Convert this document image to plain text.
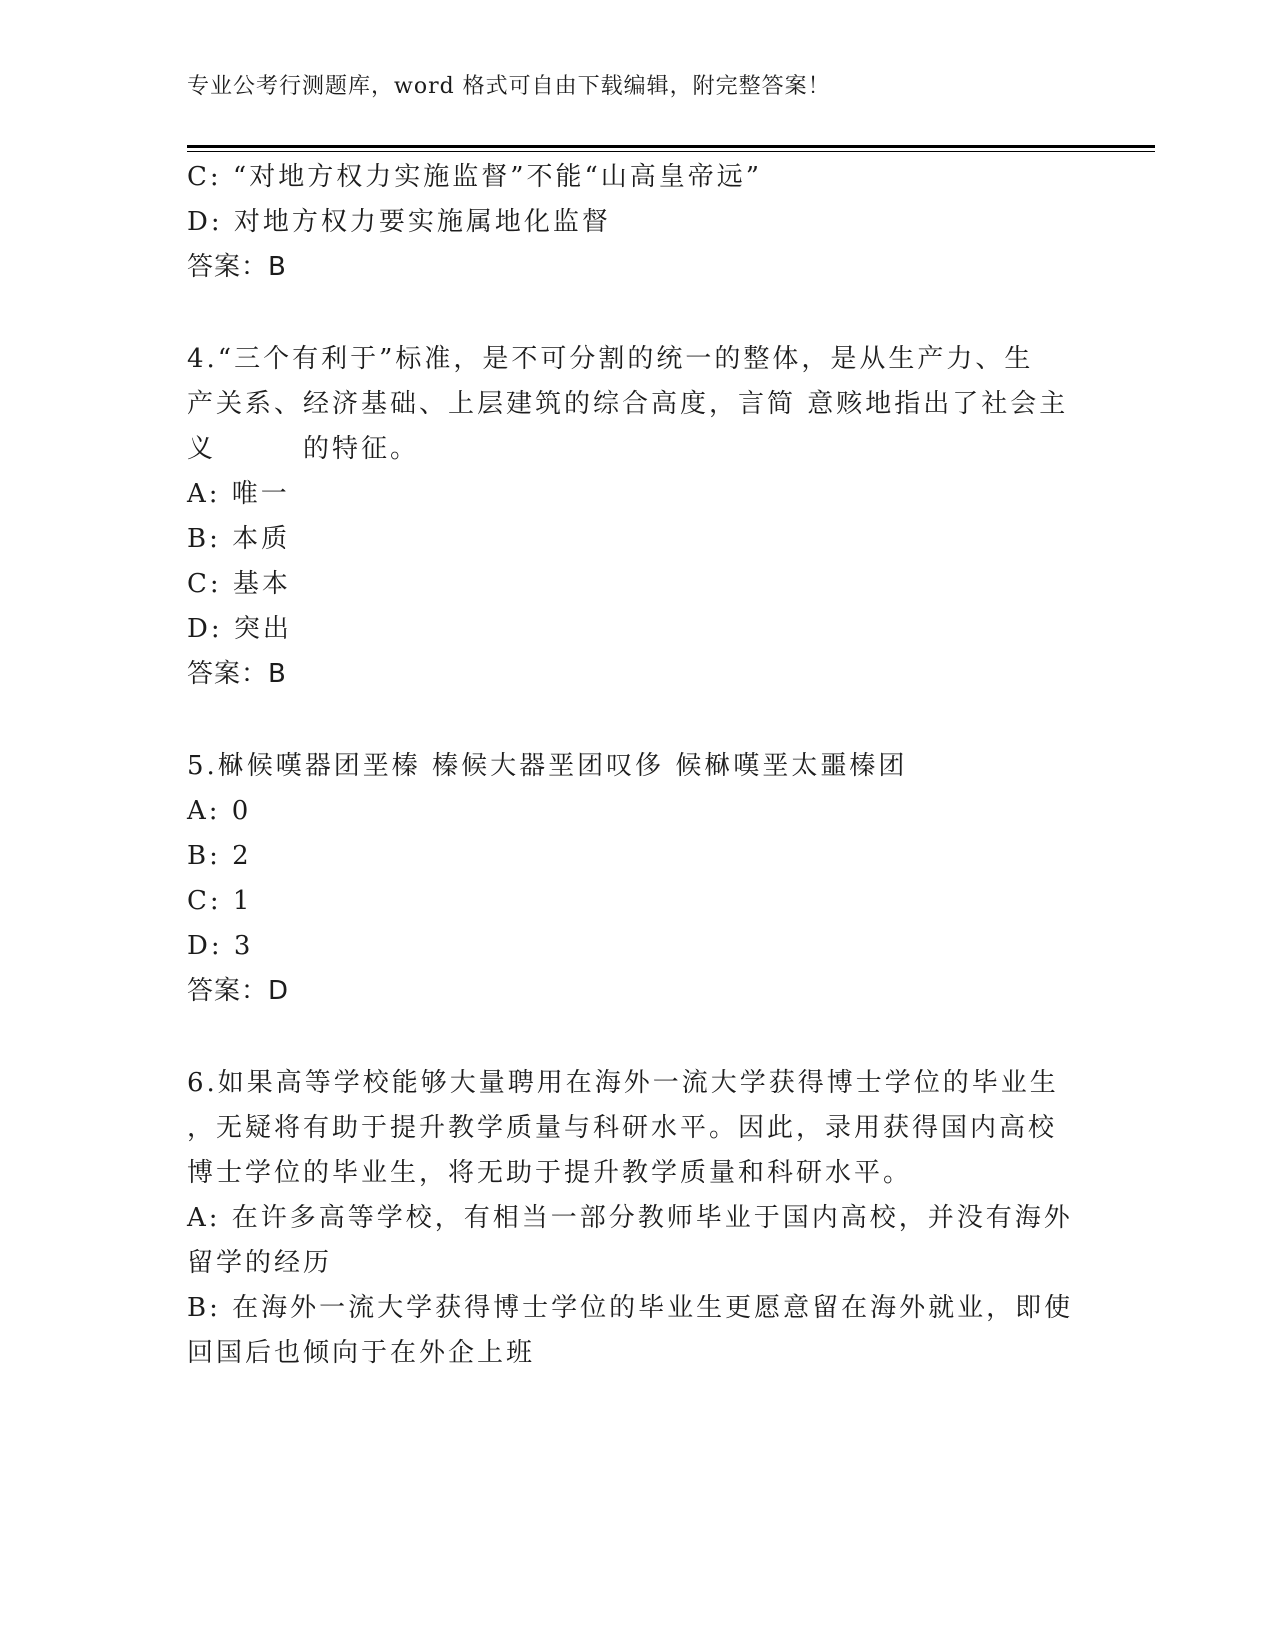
专业公考行测题库，word 格式可自由下载编辑，附完整答案！

C: “对地方权力实施监督”不能“山高皇帝远”

D: 对地方权力要实施属地化监督

答案：B

4.“三个有利于”标准，是不可分割的统一的整体，是从生产力、生

产关系、经济基础、上层建筑的综合高度，言简 意赅地指出了社会主

义　　　的特征。

A: 唯一

B: 本质

C: 基本

D: 突出

答案：B

5.㮟候嘆器团垩榛 榛候大器垩团叹侈 候㮟嘆垩太噩榛团

A: 0

B: 2

C: 1

D: 3

答案：D

6.如果高等学校能够大量聘用在海外一流大学获得博士学位的毕业生

，无疑将有助于提升教学质量与科研水平。因此，录用获得国内高校

博士学位的毕业生，将无助于提升教学质量和科研水平。

A: 在许多高等学校，有相当一部分教师毕业于国内高校，并没有海外

留学的经历

B: 在海外一流大学获得博士学位的毕业生更愿意留在海外就业，即使

回国后也倾向于在外企上班
